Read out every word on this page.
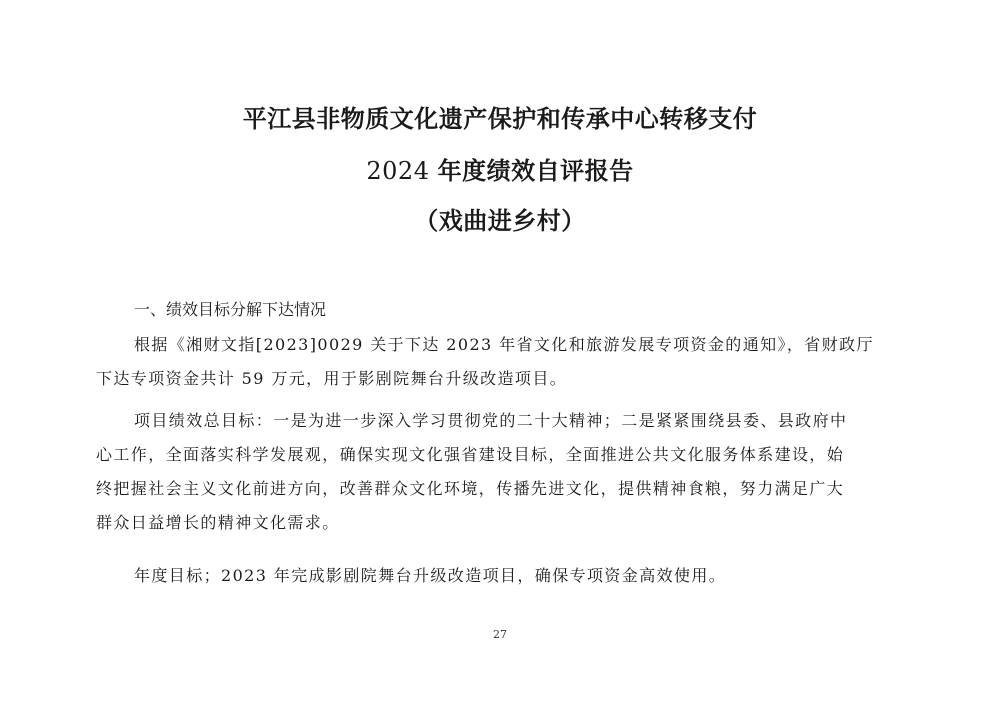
平江县非物质文化遗产保护和传承中心转移支付
2024 年度绩效自评报告
（戏曲进乡村）
一、绩效目标分解下达情况
根据《湘财文指[2023]0029 关于下达 2023 年省文化和旅游发展专项资金的通知》，省财政厅
下达专项资金共计 59 万元，用于影剧院舞台升级改造项目。
项目绩效总目标：一是为进一步深入学习贯彻党的二十大精神；二是紧紧围绕县委、县政府中
心工作，全面落实科学发展观，确保实现文化强省建设目标，全面推进公共文化服务体系建设，始
终把握社会主义文化前进方向，改善群众文化环境，传播先进文化，提供精神食粮，努力满足广大
群众日益增长的精神文化需求。
年度目标；2023 年完成影剧院舞台升级改造项目，确保专项资金高效使用。
27
